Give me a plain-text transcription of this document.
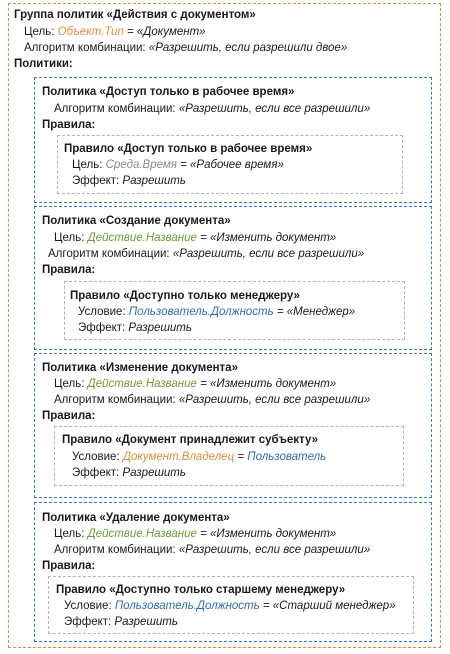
Группа политик «Действия с документом»
Цель: Объект.Тип = «Документ»
Алгоритм комбинации: «Разрешить, если разрешили двое»
Политики:
Политика «Доступ только в рабочее время»
Алгоритм комбинации: «Разрешить, если все разрешили»
Правила:
Правило «Доступ только в рабочее время»
Цель: Среда.Время = «Рабочее время»
Эффект: Разрешить
Политика «Создание документа»
Цель: Действие.Название = «Изменить документ»
Алгоритм комбинации: «Разрешить, если все разрешили»
Правила:
Правило «Доступно только менеджеру»
Условие: Пользователь.Должность = «Менеджер»
Эффект: Разрешить
Политика «Изменение документа»
Цель: Действие.Название = «Изменить документ»
Алгоритм комбинации: «Разрешить, если все разрешили»
Правила:
Правило «Документ принадлежит субъекту»
Условие: Документ.Владелец = Пользователь
Эффект: Разрешить
Политика «Удаление документа»
Цель: Действие.Название = «Изменить документ»
Алгоритм комбинации: «Разрешить, если все разрешили»
Правила:
Правило «Доступно только старшему менеджеру»
Условие: Пользователь.Должность = «Старший менеджер»
Эффект: Разрешить
